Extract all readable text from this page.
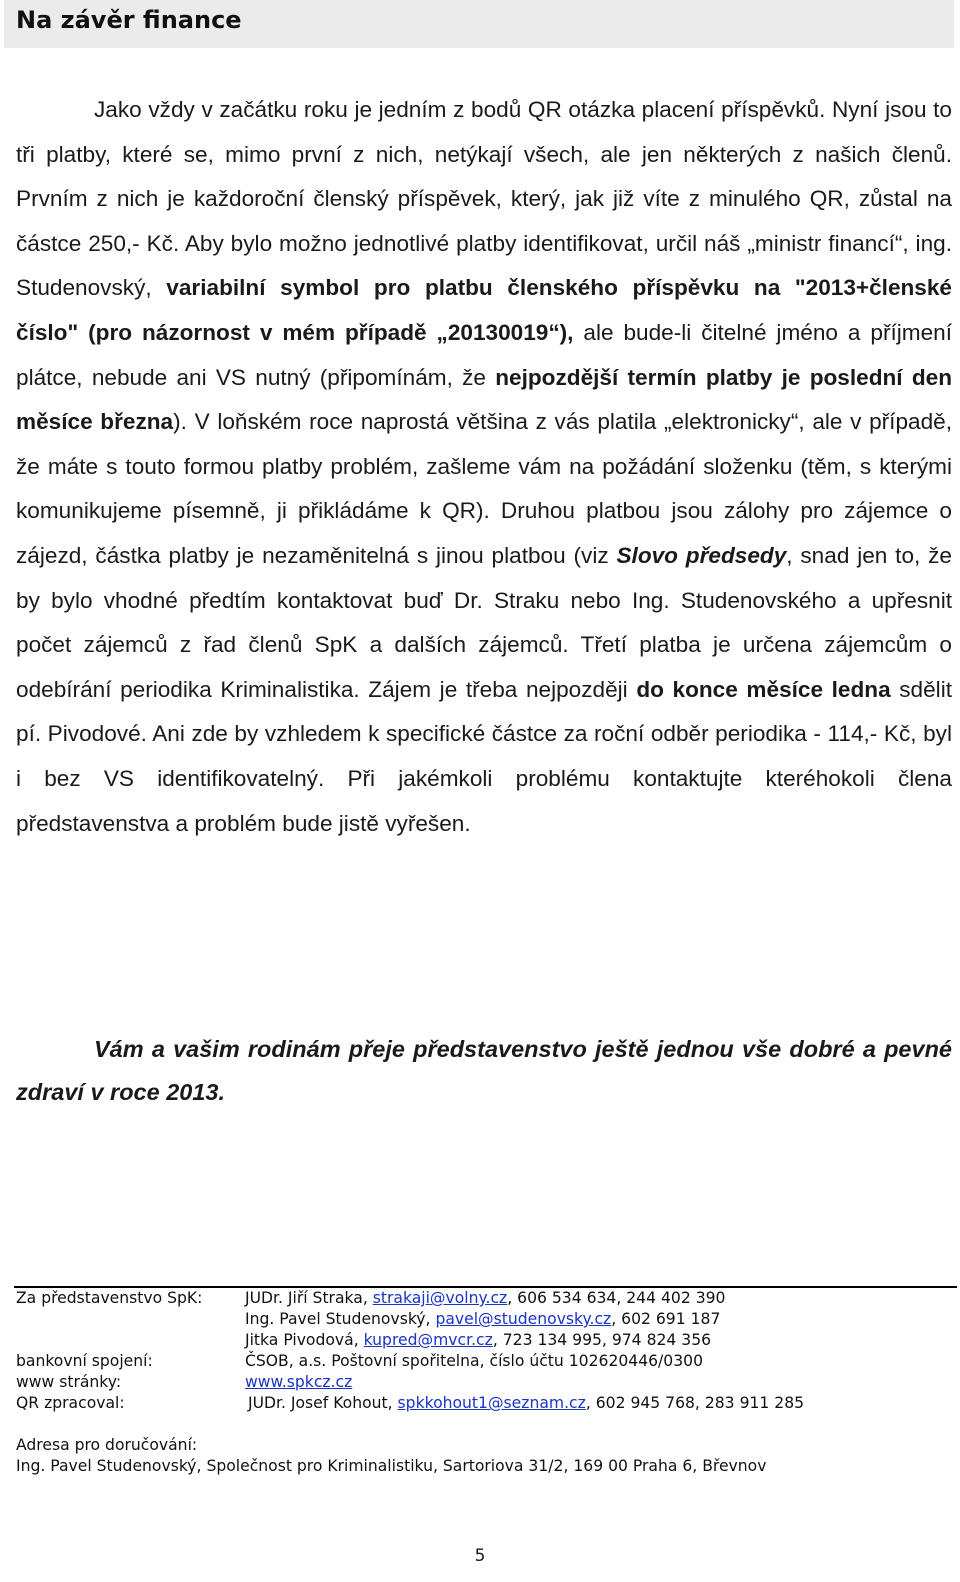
Na závěr finance

Jako vždy v začátku roku je jedním z bodů QR otázka placení příspěvků. Nyní jsou to tři platby, které se, mimo první z nich, netýkají všech, ale jen některých z našich členů. Prvním z nich je každoroční členský příspěvek, který, jak již víte z minulého QR, zůstal na částce 250,- Kč. Aby bylo možno jednotlivé platby identifikovat, určil náš „ministr financí“, ing. Studenovský, variabilní symbol pro platbu členského příspěvku na "2013+členské číslo" (pro názornost v mém případě „20130019“), ale bude-li čitelné jméno a příjmení plátce, nebude ani VS nutný (připomínám, že nejpozdější termín platby je poslední den měsíce března). V loňském roce naprostá většina z vás platila „elektronicky“, ale v případě, že máte s touto formou platby problém, zašleme vám na požádání složenku (těm, s kterými komunikujeme písemně, ji přikládáme k QR). Druhou platbou jsou zálohy pro zájemce o zájezd, částka platby je nezaměnitelná s jinou platbou (viz Slovo předsedy, snad jen to, že by bylo vhodné předtím kontaktovat buď Dr. Straku nebo Ing. Studenovského a upřesnit počet zájemců z řad členů SpK a dalších zájemců. Třetí platba je určena zájemcům o odebírání periodika Kriminalistika. Zájem je třeba nejpozději do konce měsíce ledna sdělit pí. Pivodové. Ani zde by vzhledem k specifické částce za roční odběr periodika - 114,- Kč, byl i bez VS identifikovatelný. Při jakémkoli problému kontaktujte kteréhokoli člena představenstva a problém bude jistě vyřešen.

Vám a vašim rodinám přeje představenstvo ještě jednou vše dobré a pevné zdraví v roce 2013.

Za představenstvo SpK:	JUDr. Jiří Straka, strakaji@volny.cz, 606 534 634, 244 402 390
Ing. Pavel Studenovský, pavel@studenovsky.cz, 602 691 187
Jitka Pivodová, kupred@mvcr.cz, 723 134 995, 974 824 356
bankovní spojení:	ČSOB, a.s. Poštovní spořitelna, číslo účtu 102620446/0300
www stránky:	www.spkcz.cz
QR zpracoval:	JUDr. Josef Kohout, spkkohout1@seznam.cz, 602 945 768, 283 911 285
Adresa pro doručování:
Ing. Pavel Studenovský, Společnost pro Kriminalistiku, Sartoriova 31/2, 169 00 Praha 6, Břevnov
5
